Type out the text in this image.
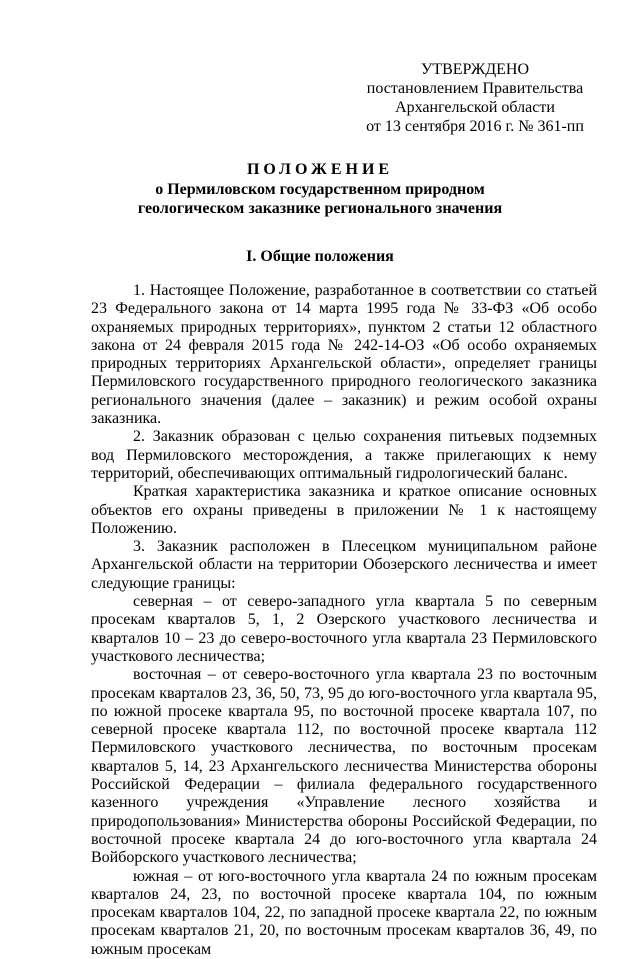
УТВЕРЖДЕНО
постановлением Правительства
Архангельской области
от 13 сентября 2016 г. № 361-пп
ПОЛОЖЕНИЕ
о Пермиловском государственном природном
геологическом заказнике регионального значения
I. Общие положения

1. Настоящее Положение, разработанное в соответствии со статьей 23 Федерального закона от 14 марта 1995 года № 33-ФЗ «Об особо охраняемых природных территориях», пунктом 2 статьи 12 областного закона от 24 февраля 2015 года № 242-14-ОЗ «Об особо охраняемых природных территориях Архангельской области», определяет границы Пермиловского государственного природного геологического заказника регионального значения (далее – заказник) и режим особой охраны заказника.

2. Заказник образован с целью сохранения питьевых подземных вод Пермиловского месторождения, а также прилегающих к нему территорий, обеспечивающих оптимальный гидрологический баланс.

Краткая характеристика заказника и краткое описание основных объектов его охраны приведены в приложении № 1 к настоящему Положению.

3. Заказник расположен в Плесецком муниципальном районе Архангельской области на территории Обозерского лесничества и имеет следующие границы:

северная – от северо-западного угла квартала 5 по северным просекам кварталов 5, 1, 2 Озерского участкового лесничества и кварталов 10 – 23 до северо-восточного угла квартала 23 Пермиловского участкового лесничества;

восточная – от северо-восточного угла квартала 23 по восточным просекам кварталов 23, 36, 50, 73, 95 до юго-восточного угла квартала 95, по южной просеке квартала 95, по восточной просеке квартала 107, по северной просеке квартала 112, по восточной просеке квартала 112 Пермиловского участкового лесничества, по восточным просекам кварталов 5, 14, 23 Архангельского лесничества Министерства обороны Российской Федерации – филиала федерального государственного казенного учреждения «Управление лесного хозяйства и природопользования» Министерства обороны Российской Федерации, по восточной просеке квартала 24 до юго-восточного угла квартала 24 Войборского участкового лесничества;

южная – от юго-восточного угла квартала 24 по южным просекам кварталов 24, 23, по восточной просеке квартала 104, по южным просекам кварталов 104, 22, по западной просеке квартала 22, по южным просекам кварталов 21, 20, по восточным просекам кварталов 36, 49, по южным просекам
